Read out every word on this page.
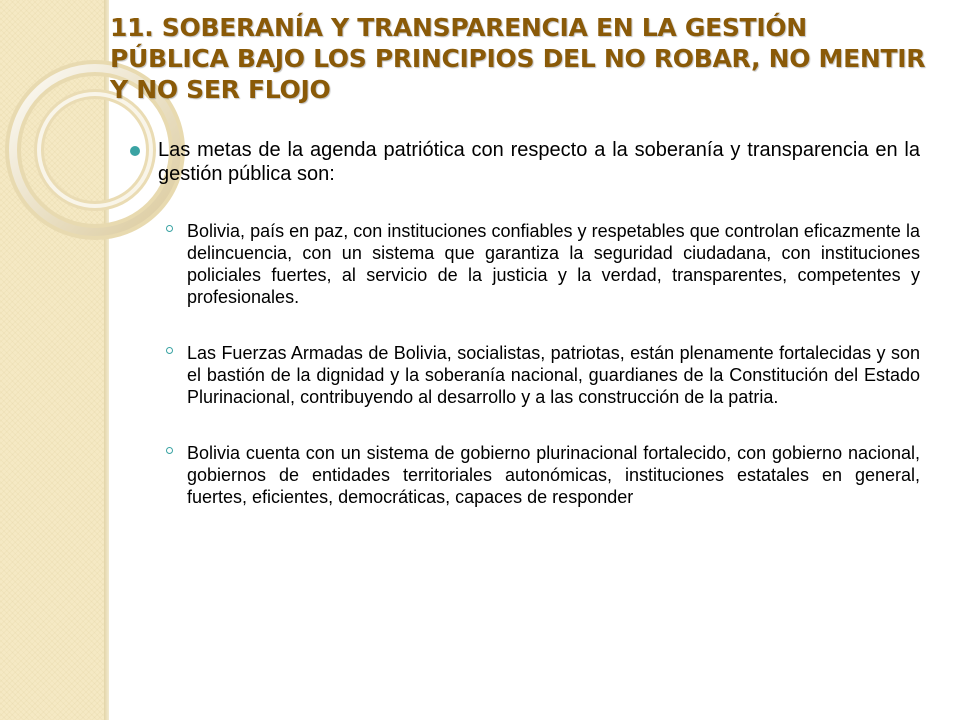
11. SOBERANÍA Y TRANSPARENCIA EN LA GESTIÓN PÚBLICA BAJO LOS PRINCIPIOS DEL NO ROBAR, NO MENTIR Y NO SER FLOJO

Las metas de la agenda patriótica con respecto a la soberanía y transparencia en la gestión pública son:

Bolivia, país en paz, con instituciones confiables y respetables que controlan eficazmente la delincuencia, con un sistema que garantiza la seguridad ciudadana, con instituciones policiales fuertes, al servicio de la justicia y la verdad, transparentes, competentes y profesionales.
Las Fuerzas Armadas de Bolivia, socialistas, patriotas, están plenamente fortalecidas y son el bastión de la dignidad y la soberanía nacional, guardianes de la Constitución del Estado Plurinacional, contribuyendo al desarrollo y a las construcción de la patria.
Bolivia cuenta con un sistema de gobierno plurinacional fortalecido, con gobierno nacional, gobiernos de entidades territoriales autonómicas, instituciones estatales en general, fuertes, eficientes, democráticas, capaces de responder
